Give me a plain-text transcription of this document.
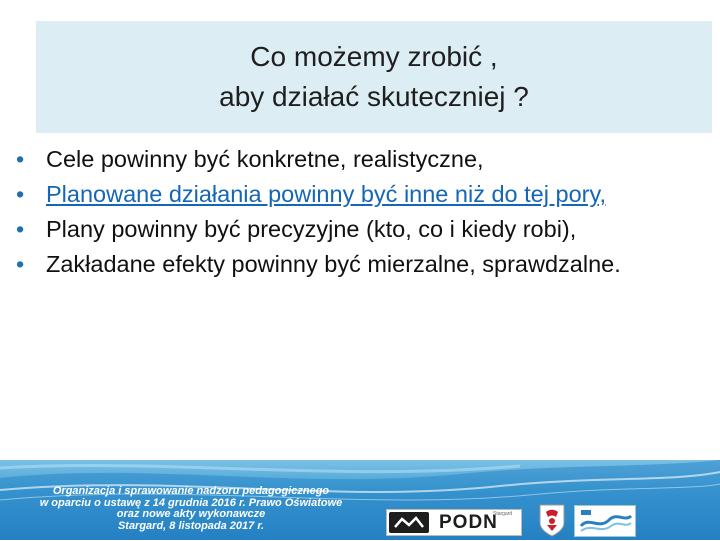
Co możemy zrobić ,
aby działać skuteczniej ?
• Cele powinny być konkretne, realistyczne,
• Planowane działania powinny być inne niż do tej pory,
• Plany powinny być precyzyjne (kto, co i kiedy robi),
• Zakładane efekty powinny być mierzalne, sprawdzalne.
Organizacja i sprawowanie nadzoru pedagogicznego
w oparciu o ustawę z 14 grudnia 2016 r. Prawo Oświatowe
oraz nowe akty wykonawcze
Stargard, 8 listopada 2017 r.	PODN
Stargard
